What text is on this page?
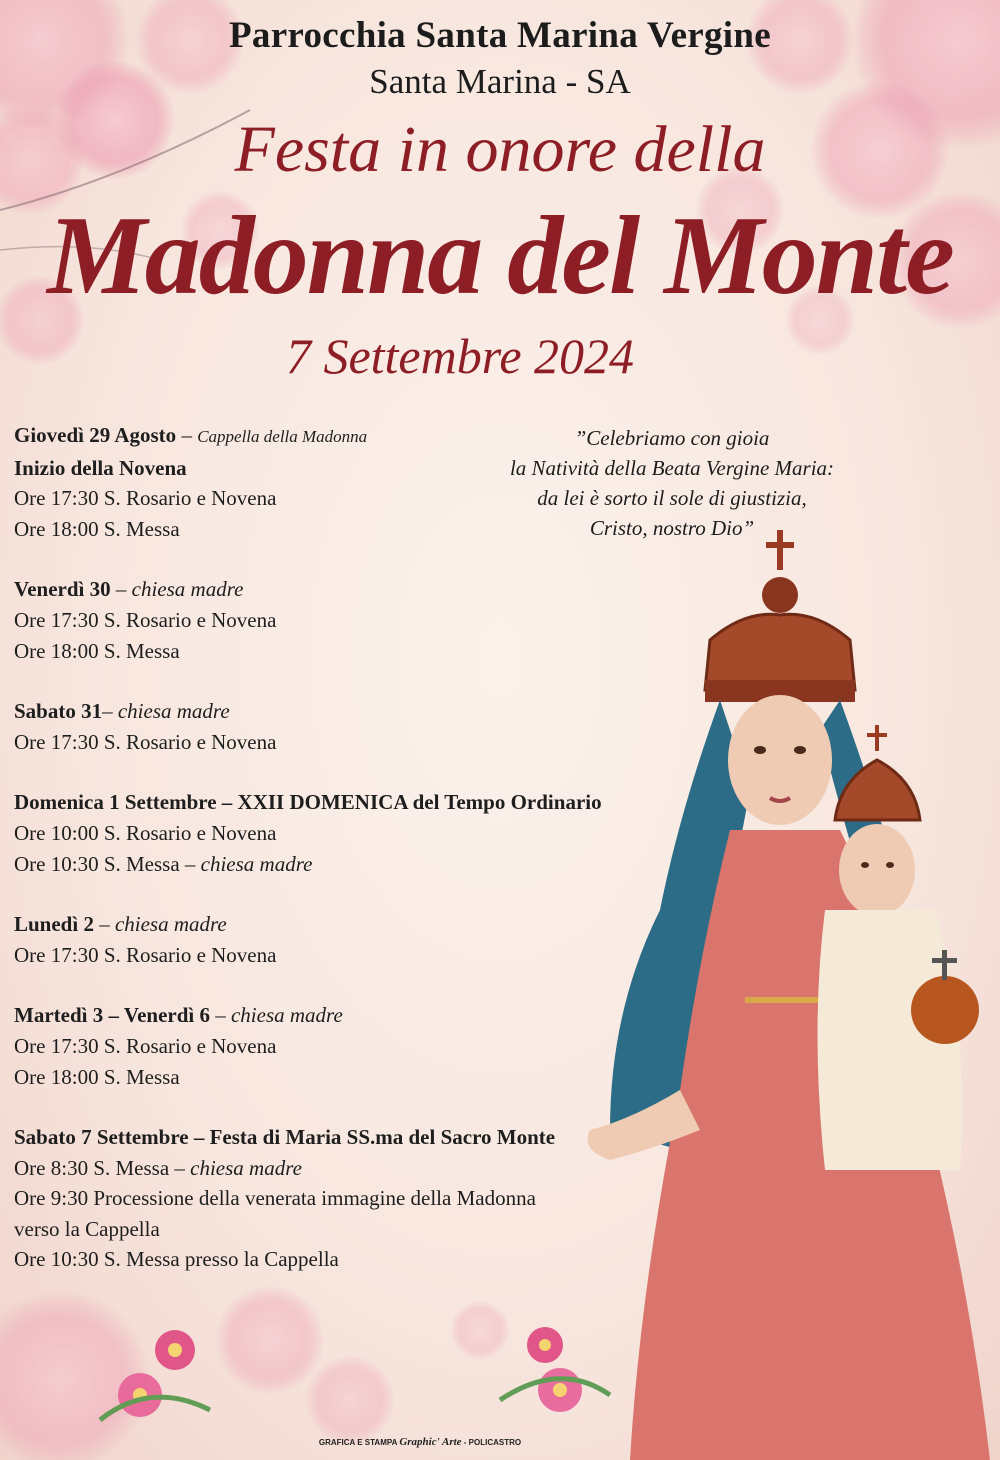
Parrocchia Santa Marina Vergine
Santa Marina - SA
Festa in onore della
Madonna del Monte
7 Settembre 2024
”Celebriamo con gioia
la Natività della Beata Vergine Maria:
da lei è sorto il sole di giustizia,
Cristo, nostro Dio”
Giovedì 29 Agosto – Cappella della Madonna
Inizio della Novena
Ore 17:30 S. Rosario e Novena
Ore 18:00 S. Messa
Venerdì 30 – chiesa madre
Ore 17:30 S. Rosario e Novena
Ore 18:00 S. Messa
Sabato 31– chiesa madre
Ore 17:30 S. Rosario e Novena
Domenica 1 Settembre – XXII DOMENICA del Tempo Ordinario
Ore 10:00 S. Rosario e Novena
Ore 10:30 S. Messa – chiesa madre
Lunedì 2 – chiesa madre
Ore 17:30 S. Rosario e Novena
Martedì 3 – Venerdì 6 – chiesa madre
Ore 17:30 S. Rosario e Novena
Ore 18:00 S. Messa
Sabato 7 Settembre – Festa di Maria SS.ma del Sacro Monte
Ore 8:30 S. Messa – chiesa madre
Ore 9:30 Processione della venerata immagine della Madonna
verso la Cappella
Ore 10:30 S. Messa presso la Cappella
GRAFICA E STAMPA Graphic' Arte - POLICASTRO
